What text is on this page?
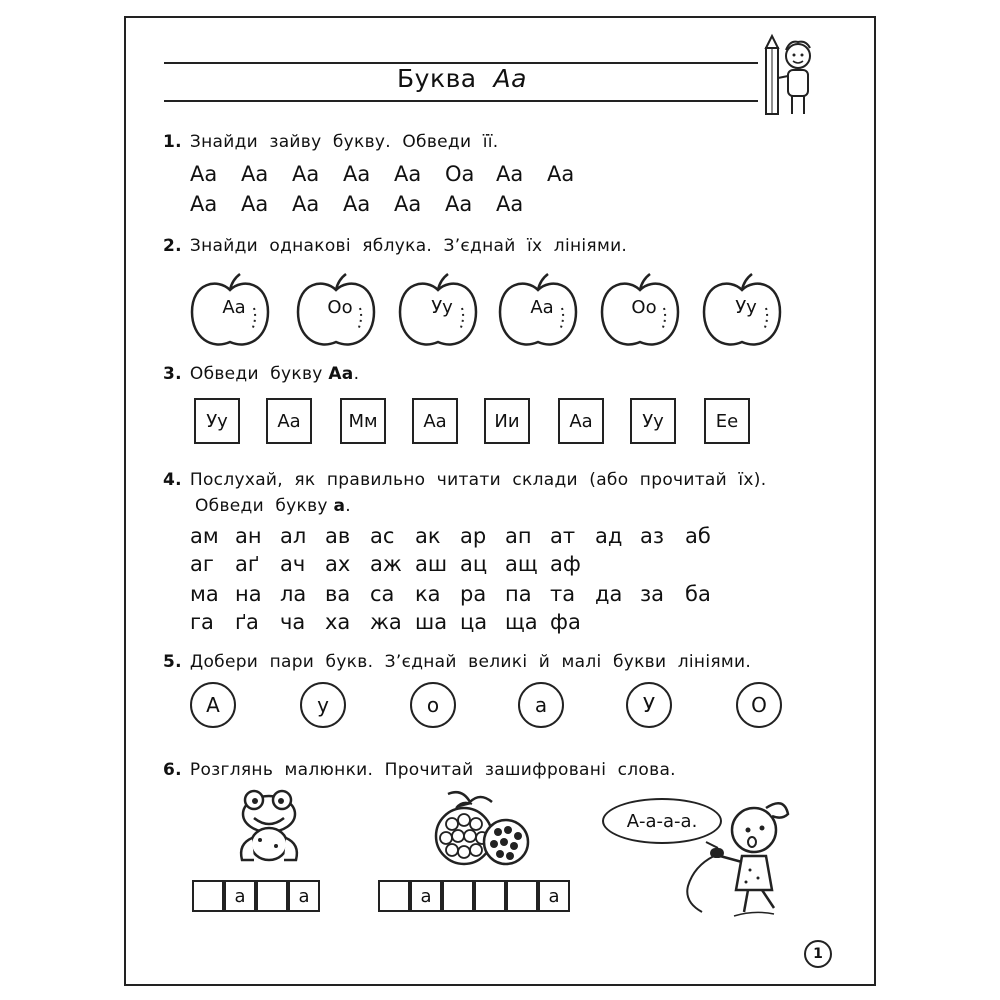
Буква Аа
1. Знайди  зайву  букву.  Обведи  її.
Аа Аа Аа Аа Аа Оа Аа Аа
Аа Аа Аа Аа Аа Аа Аа
2. Знайди  однакові  яблука.  З’єднай  їх  лініями.
Аа	Оо	Уу	Аа	Оо	Уу
3. Обведи  букву Аа.
Уу	Аа	Мм	Аа	Ии	Аа	Уу	Ее
4. Послухай,  як  правильно  читати  склади  (або  прочитай  їх).
Обведи  букву а.
ам ан ал ав ас ак ар ап ат ад аз аб
аг аґ ач ах аж аш ац ащ аф
ма на ла ва са ка ра па та да за ба
га ґа ча ха жа ша ца ща фа
5. Добери  пари  букв.  З’єднай  великі  й  малі  букви  лініями.
А	у	о	а	У	О
6. Розглянь  малюнки.  Прочитай  зашифровані  слова.
а	а	а	а
А-а-а-а.
1
